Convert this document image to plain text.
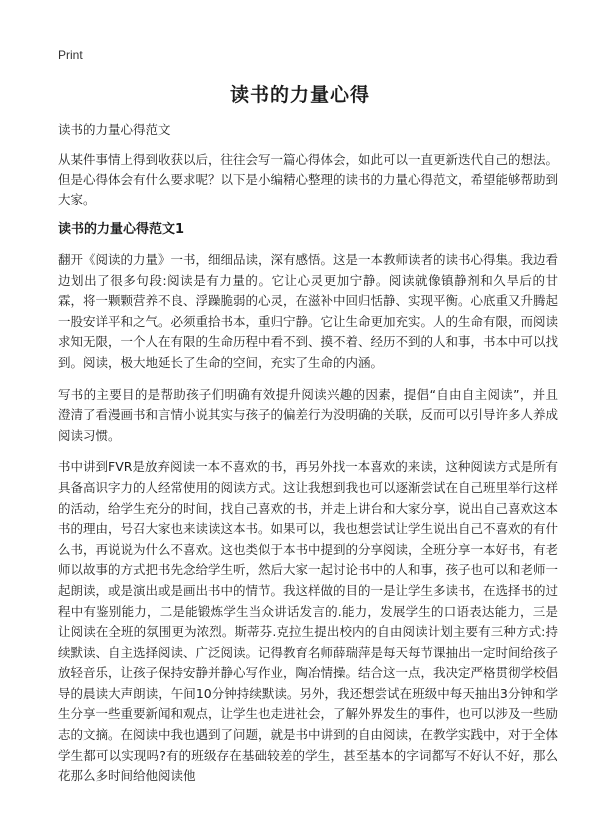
Print
读书的力量心得

读书的力量心得范文

从某件事情上得到收获以后，往往会写一篇心得体会，如此可以一直更新迭代自己的想法。但是心得体会有什么要求呢？以下是小编精心整理的读书的力量心得范文，希望能够帮助到大家。

读书的力量心得范文1

翻开《阅读的力量》一书，细细品读，深有感悟。这是一本教师读者的读书心得集。我边看边划出了很多句段:阅读是有力量的。它让心灵更加宁静。阅读就像镇静剂和久旱后的甘霖，将一颗颗营养不良、浮躁脆弱的心灵，在滋补中回归恬静、实现平衡。心底重又升腾起一股安详平和之气。必须重拾书本，重归宁静。它让生命更加充实。人的生命有限，而阅读求知无限，一个人在有限的生命历程中看不到、摸不着、经历不到的人和事，书本中可以找到。阅读，极大地延长了生命的空间，充实了生命的内涵。

写书的主要目的是帮助孩子们明确有效提升阅读兴趣的因素，提倡“自由自主阅读”，并且澄清了看漫画书和言情小说其实与孩子的偏差行为没明确的关联，反而可以引导许多人养成阅读习惯。

书中讲到FVR是放弃阅读一本不喜欢的书，再另外找一本喜欢的来读，这种阅读方式是所有具备高识字力的人经常使用的阅读方式。这让我想到我也可以逐渐尝试在自己班里举行这样的活动，给学生充分的时间，找自己喜欢的书，并走上讲台和大家分享，说出自己喜欢这本书的理由，号召大家也来读读这本书。如果可以，我也想尝试让学生说出自己不喜欢的有什么书，再说说为什么不喜欢。这也类似于本书中提到的分享阅读，全班分享一本好书，有老师以故事的方式把书先念给学生听，然后大家一起讨论书中的人和事，孩子也可以和老师一起朗读，或是演出或是画出书中的情节。我这样做的目的一是让学生多读书，在选择书的过程中有鉴别能力，二是能锻炼学生当众讲话发言的.能力，发展学生的口语表达能力，三是让阅读在全班的氛围更为浓烈。斯蒂芬.克拉生提出校内的自由阅读计划主要有三种方式:持续默读、自主选择阅读、广泛阅读。记得教育名师薛瑞萍是每天每节课抽出一定时间给孩子放轻音乐，让孩子保持安静并静心写作业，陶冶情操。结合这一点，我决定严格贯彻学校倡导的晨读大声朗读，午间10分钟持续默读。另外，我还想尝试在班级中每天抽出3分钟和学生分享一些重要新闻和观点，让学生也走进社会，了解外界发生的事件，也可以涉及一些励志的文摘。在阅读中我也遇到了问题，就是书中讲到的自由阅读，在教学实践中，对于全体学生都可以实现吗?有的班级存在基础较差的学生，甚至基本的字词都写不好认不好，那么花那么多时间给他阅读他
